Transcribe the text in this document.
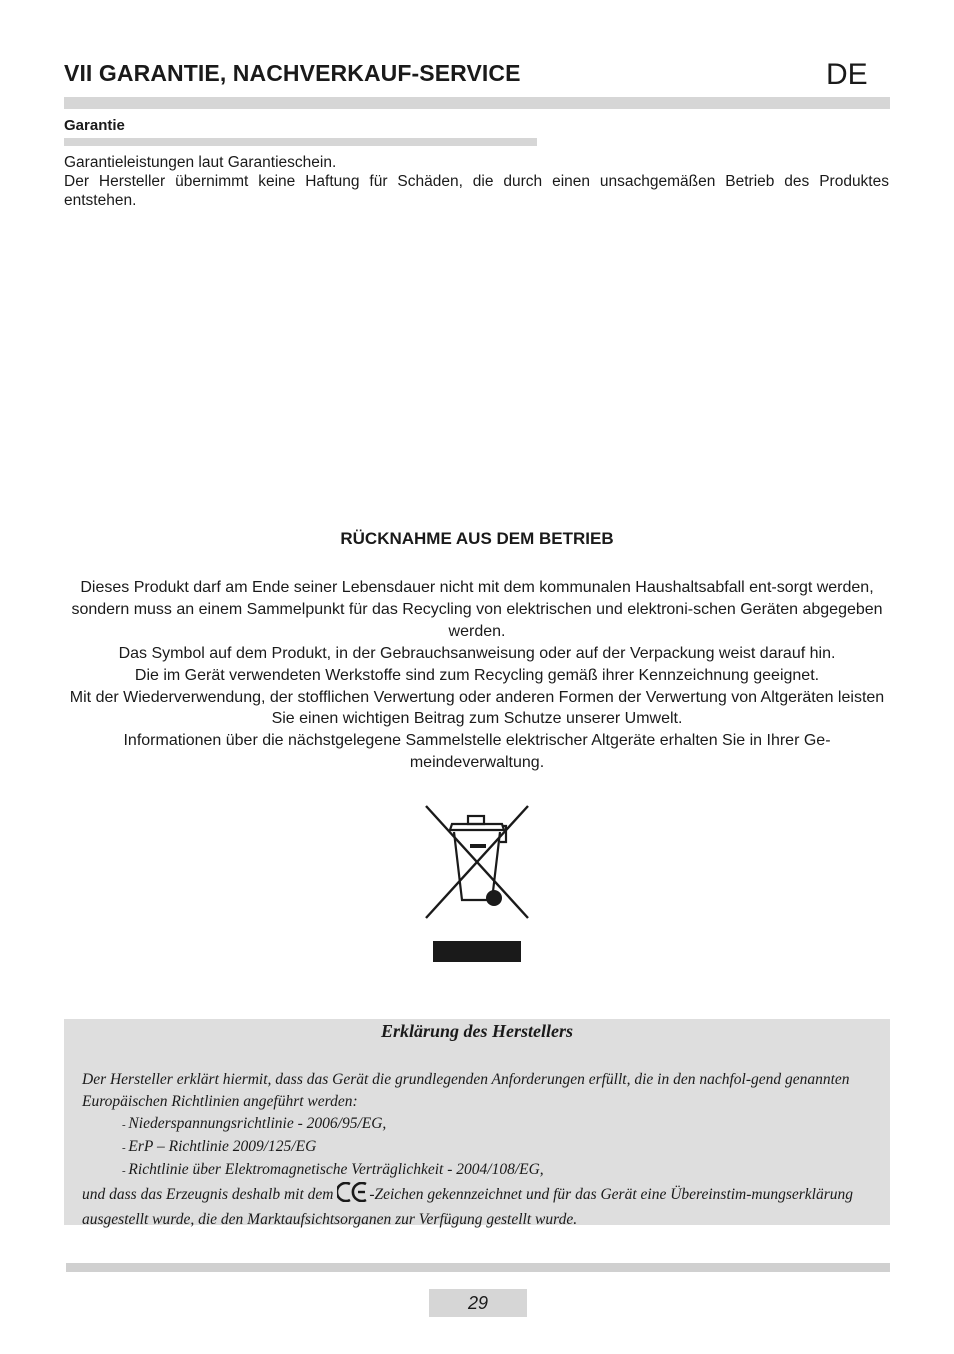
VII GARANTIE, NACHVERKAUF-SERVICE	DE
Garantie

Garantieleistungen laut Garantieschein.

Der Hersteller übernimmt keine Haftung für Schäden, die durch einen unsachgemäßen Betrieb des Produktes entstehen.

RÜCKNAHME AUS DEM BETRIEB

Dieses Produkt darf am Ende seiner Lebensdauer nicht mit dem kommunalen Haushaltsabfall ent-sorgt werden, sondern muss an einem Sammelpunkt für das Recycling von elektrischen und elektroni-schen Geräten abgegeben werden.

Das Symbol auf dem Produkt, in der Gebrauchsanweisung oder auf der Verpackung weist darauf hin.

Die im Gerät verwendeten Werkstoffe sind zum Recycling gemäß ihrer Kennzeichnung geeignet.

Mit der Wiederverwendung, der stofflichen Verwertung oder anderen Formen der Verwertung von Altgeräten leisten Sie einen wichtigen Beitrag zum Schutze unserer Umwelt.

Informationen über die nächstgelegene Sammelstelle elektrischer Altgeräte erhalten Sie in Ihrer Ge-meindeverwaltung.

Erklärung des Herstellers

Der Hersteller erklärt hiermit, dass das Gerät die grundlegenden Anforderungen erfüllt, die in den nachfol-gend genannten Europäischen Richtlinien angeführt werden:

- Niederspannungsrichtlinie - 2006/95/EG,

- ErP – Richtlinie 2009/125/EG

- Richtlinie über Elektromagnetische Verträglichkeit - 2004/108/EG,

und dass das Erzeugnis deshalb mit dem -Zeichen gekennzeichnet und für das Gerät eine Übereinstim-mungserklärung ausgestellt wurde, die den Marktaufsichtsorganen zur Verfügung gestellt wurde.

29
